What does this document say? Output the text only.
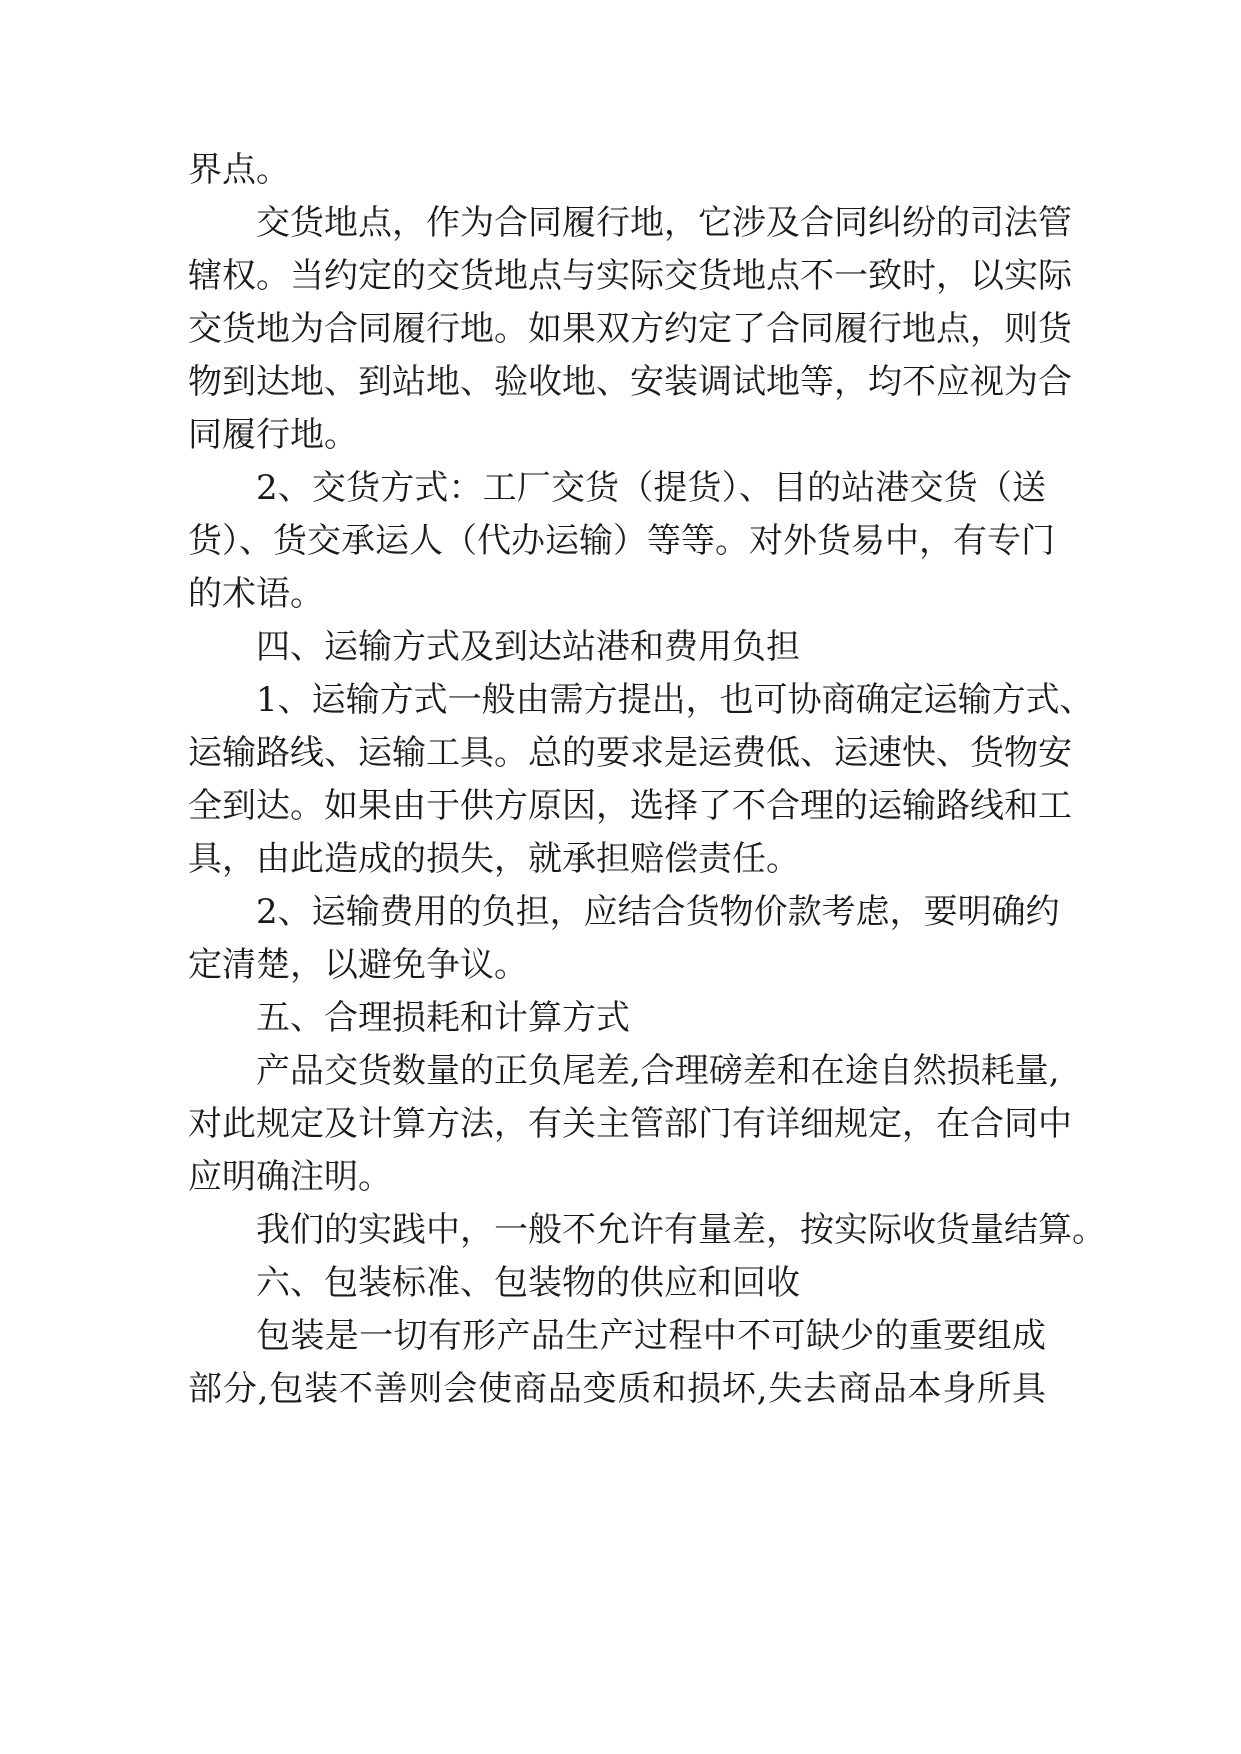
界点。
交货地点，作为合同履行地，它涉及合同纠纷的司法管
辖权。当约定的交货地点与实际交货地点不一致时，以实际
交货地为合同履行地。如果双方约定了合同履行地点，则货
物到达地、到站地、验收地、安装调试地等，均不应视为合
同履行地。
2、交货方式：工厂交货（提货）、目的站港交货（送
货）、货交承运人（代办运输）等等。对外货易中，有专门
的术语。
四、运输方式及到达站港和费用负担
1、运输方式一般由需方提出，也可协商确定运输方式、
运输路线、运输工具。总的要求是运费低、运速快、货物安
全到达。如果由于供方原因，选择了不合理的运输路线和工
具，由此造成的损失，就承担赔偿责任。
2、运输费用的负担，应结合货物价款考虑，要明确约
定清楚，以避免争议。
五、合理损耗和计算方式
产品交货数量的正负尾差,合理磅差和在途自然损耗量,
对此规定及计算方法，有关主管部门有详细规定，在合同中
应明确注明。
我们的实践中，一般不允许有量差，按实际收货量结算。
六、包装标准、包装物的供应和回收
包装是一切有形产品生产过程中不可缺少的重要组成
部分,包装不善则会使商品变质和损坏,失去商品本身所具
